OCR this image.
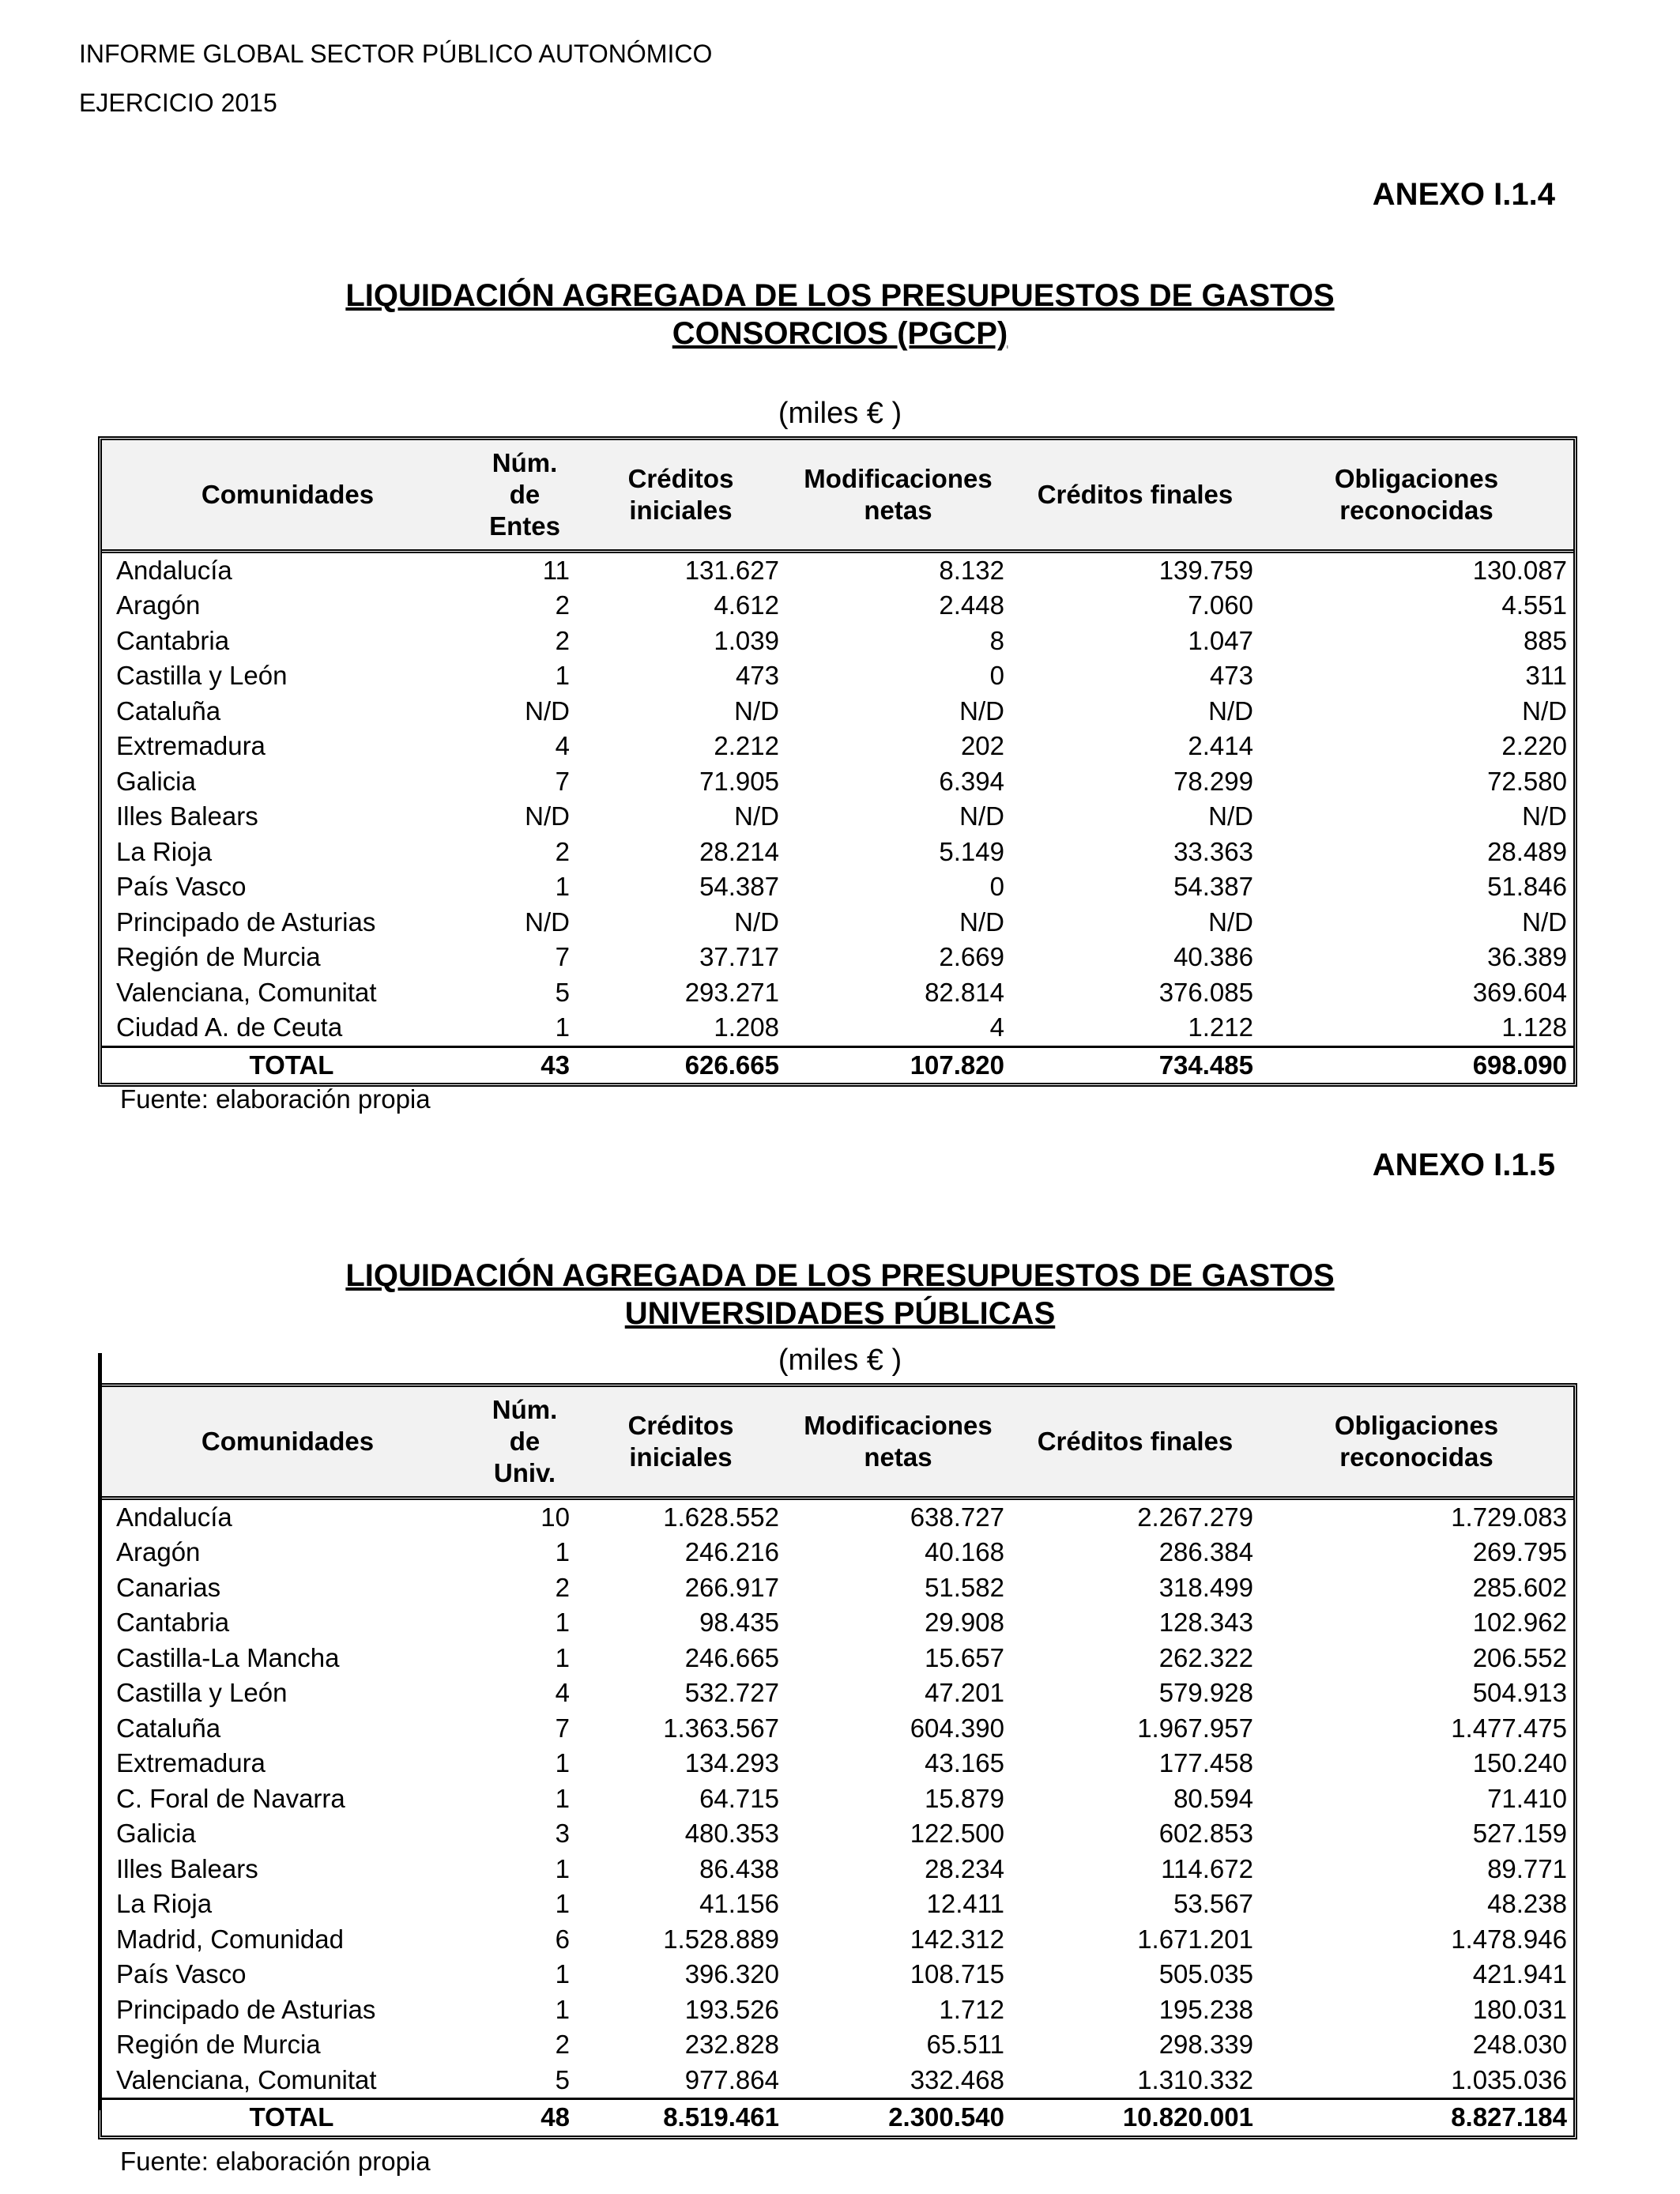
INFORME GLOBAL SECTOR PÚBLICO AUTONÓMICO
EJERCICIO 2015
ANEXO I.1.4
LIQUIDACIÓN AGREGADA DE LOS PRESUPUESTOS DE GASTOS
CONSORCIOS (PGCP)
(miles € )
Comunidades	Núm. de Entes	Créditos iniciales	Modificaciones netas	Créditos finales	Obligaciones reconocidas
Andalucía	11	131.627	8.132	139.759	130.087
Aragón	2	4.612	2.448	7.060	4.551
Cantabria	2	1.039	8	1.047	885
Castilla y León	1	473	0	473	311
Cataluña	N/D	N/D	N/D	N/D	N/D
Extremadura	4	2.212	202	2.414	2.220
Galicia	7	71.905	6.394	78.299	72.580
Illes Balears	N/D	N/D	N/D	N/D	N/D
La Rioja	2	28.214	5.149	33.363	28.489
País Vasco	1	54.387	0	54.387	51.846
Principado de Asturias	N/D	N/D	N/D	N/D	N/D
Región de Murcia	7	37.717	2.669	40.386	36.389
Valenciana, Comunitat	5	293.271	82.814	376.085	369.604
Ciudad A. de Ceuta	1	1.208	4	1.212	1.128
TOTAL	43	626.665	107.820	734.485	698.090
Fuente: elaboración propia
ANEXO I.1.5
LIQUIDACIÓN AGREGADA DE LOS PRESUPUESTOS DE GASTOS
UNIVERSIDADES PÚBLICAS
(miles € )
Comunidades	Núm. de Univ.	Créditos iniciales	Modificaciones netas	Créditos finales	Obligaciones reconocidas
Andalucía	10	1.628.552	638.727	2.267.279	1.729.083
Aragón	1	246.216	40.168	286.384	269.795
Canarias	2	266.917	51.582	318.499	285.602
Cantabria	1	98.435	29.908	128.343	102.962
Castilla-La Mancha	1	246.665	15.657	262.322	206.552
Castilla y León	4	532.727	47.201	579.928	504.913
Cataluña	7	1.363.567	604.390	1.967.957	1.477.475
Extremadura	1	134.293	43.165	177.458	150.240
C. Foral de Navarra	1	64.715	15.879	80.594	71.410
Galicia	3	480.353	122.500	602.853	527.159
Illes Balears	1	86.438	28.234	114.672	89.771
La Rioja	1	41.156	12.411	53.567	48.238
Madrid, Comunidad	6	1.528.889	142.312	1.671.201	1.478.946
País Vasco	1	396.320	108.715	505.035	421.941
Principado de Asturias	1	193.526	1.712	195.238	180.031
Región de Murcia	2	232.828	65.511	298.339	248.030
Valenciana, Comunitat	5	977.864	332.468	1.310.332	1.035.036
TOTAL	48	8.519.461	2.300.540	10.820.001	8.827.184
Fuente: elaboración propia
